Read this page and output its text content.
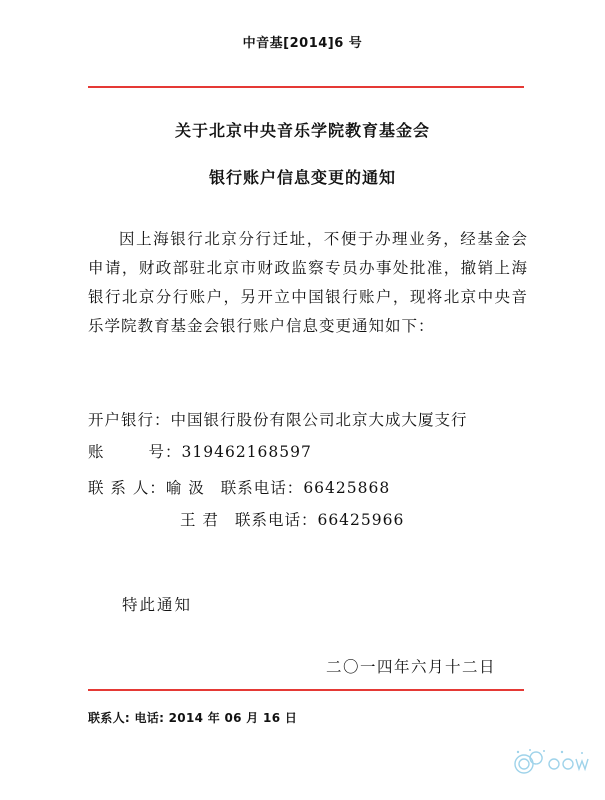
中音基[2014]6 号
关于北京中央音乐学院教育基金会
银行账户信息变更的通知
因上海银行北京分行迁址，不便于办理业务，经基金会申请，财政部驻北京市财政监察专员办事处批准，撤销上海银行北京分行账户，另开立中国银行账户，现将北京中央音乐学院教育基金会银行账户信息变更通知如下：
开户银行：中国银行股份有限公司北京大成大厦支行
账	号：319462168597
联 系 人：喻 汲 联系电话：66425868
王 君 联系电话：66425966
特此通知
二〇一四年六月十二日
联系人: 电话: 2014 年 06 月 16 日
